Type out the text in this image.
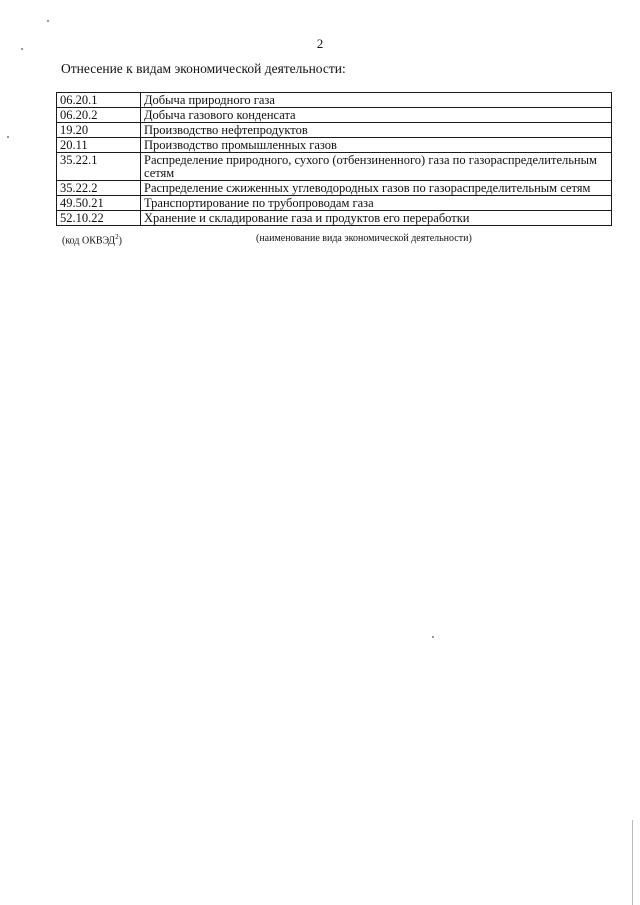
2
Отнесение к видам экономической деятельности:
06.20.1	Добыча природного газа
06.20.2	Добыча газового конденсата
19.20	Производство нефтепродуктов
20.11	Производство промышленных газов
35.22.1	Распределение природного, сухого (отбензиненного) газа по газораспределительным сетям
35.22.2	Распределение сжиженных углеводородных газов по газораспределительным сетям
49.50.21	Транспортирование по трубопроводам газа
52.10.22	Хранение и складирование газа и продуктов его переработки
(код ОКВЭД$^2$)	(наименование вида экономической деятельности)
